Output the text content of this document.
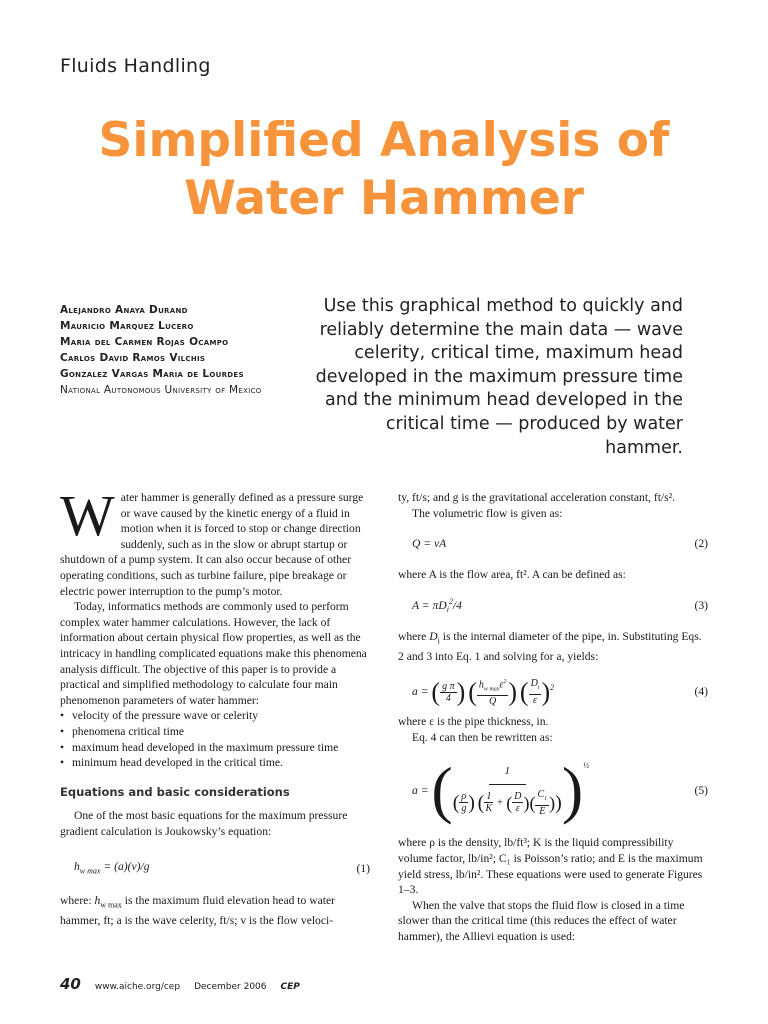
Fluids Handling
Simplified Analysis of
Water Hammer
Alejandro Anaya Durand
Mauricio Marquez Lucero
Maria del Carmen Rojas Ocampo
Carlos David Ramos Vilchis
Gonzalez Vargas Maria de Lourdes
National Autonomous University of Mexico
Use this graphical method to quickly and reliably determine the main data — wave celerity, critical time, maximum head developed in the maximum pressure time and the minimum head developed in the critical time — produced by water hammer.

Water hammer is generally defined as a pressure surge or wave caused by the kinetic energy of a fluid in motion when it is forced to stop or change direction suddenly, such as in the slow or abrupt startup or shutdown of a pump system. It can also occur because of other operating conditions, such as turbine failure, pipe breakage or electric power interruption to the pump’s motor.

Today, informatics methods are commonly used to perform complex water hammer calculations. However, the lack of information about certain physical flow properties, as well as the intricacy in handling complicated equations make this phenomena analysis difficult. The objective of this paper is to provide a practical and simplified methodology to calculate four main phenomenon parameters of water hammer:

• velocity of the pressure wave or celerity
• phenomena critical time
• maximum head developed in the maximum pressure time
• minimum head developed in the critical time.
Equations and basic considerations

One of the most basic equations for the maximum pressure gradient calculation is Joukowsky’s equation:

$h_{w max} = (a)(v)/g$	(1)

where: $h_{w max}$ is the maximum fluid elevation head to water hammer, ft; a is the wave celerity, ft/s; v is the flow veloci-

ty, ft/s; and g is the gravitational acceleration constant, ft/s².

The volumetric flow is given as:

Q = vA	(2)

where A is the flow area, ft². A can be defined as:

$A = \pi D_i^2/4$	(3)

where $D_i$ is the internal diameter of the pipe, in. Substituting Eqs. 2 and 3 into Eq. 1 and solving for a, yields:

a = ( $\frac{\text{g π}}{4}$ ) ( $\frac{h_{w max}\varepsilon^2}{Q}$ ) ( $\frac{D_i}{\varepsilon} )^2$	(4)

where ε is the pipe thickness, in.

Eq. 4 can then be rewritten as:

a = ( $\frac{1}{( \frac{\rho}{g} ) ( \frac{1}{K} + ( \frac{D}{\varepsilon} )( \frac{C_1}{E} ))} )^{\frac{1}{2}}$
(5)

where ρ is the density, lb/ft³; K is the liquid compressibility volume factor, lb/in²; C₁ is Poisson’s ratio; and E is the maximum yield stress, lb/in². These equations were used to generate Figures 1–3.

When the valve that stops the fluid flow is closed in a time slower than the critical time (this reduces the effect of water hammer), the Allievi equation is used:

40 www.aiche.org/cep December 2006 CEP
